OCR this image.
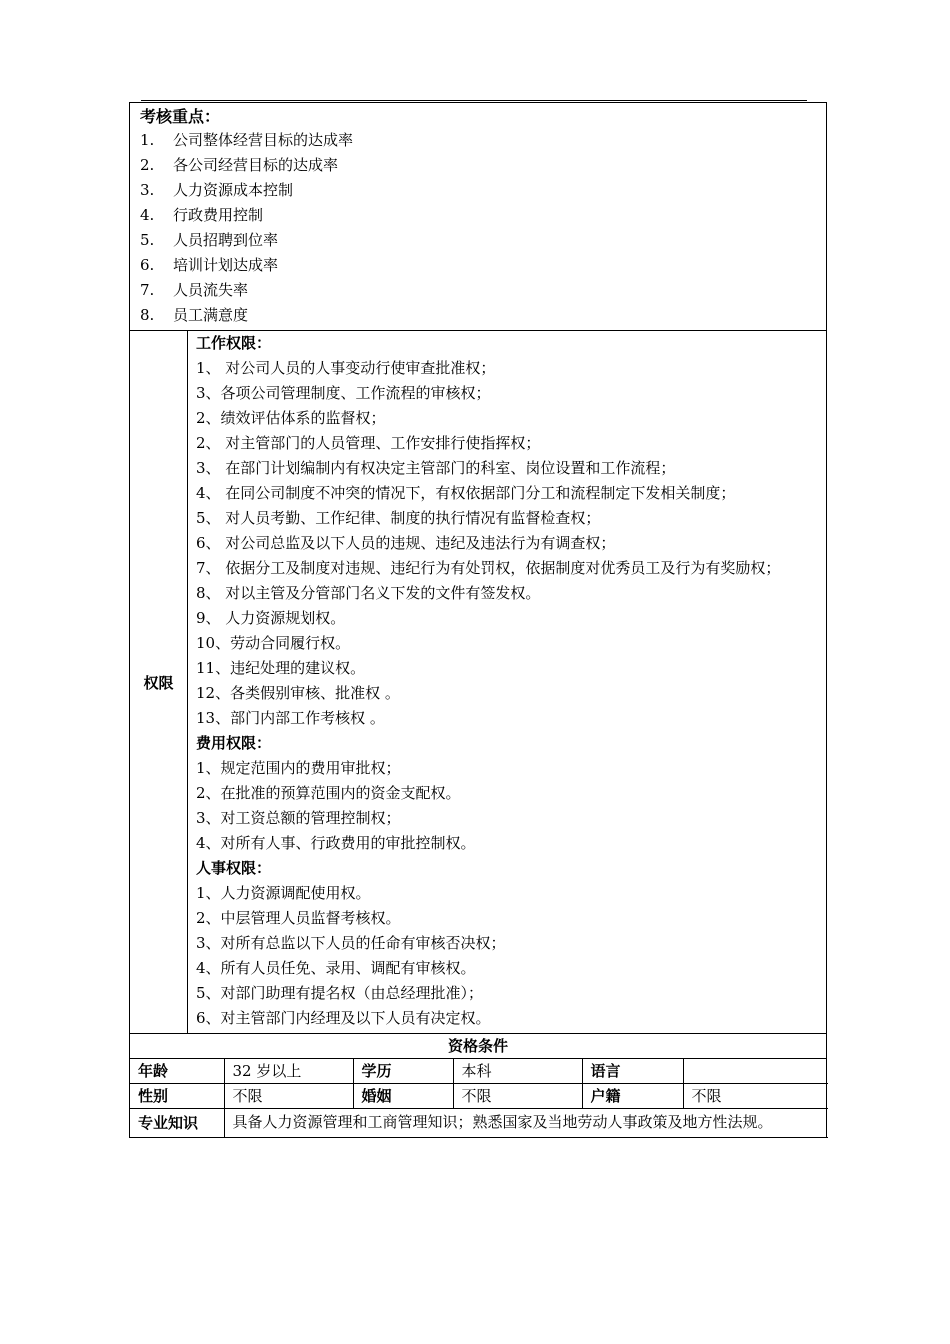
考核重点：
1. 公司整体经营目标的达成率
2. 各公司经营目标的达成率
3. 人力资源成本控制
4. 行政费用控制
5. 人员招聘到位率
6. 培训计划达成率
7. 人员流失率
8. 员工满意度
权限
工作权限：
1、 对公司人员的人事变动行使审查批准权；
3、各项公司管理制度、工作流程的审核权；
2、绩效评估体系的监督权；
2、 对主管部门的人员管理、工作安排行使指挥权；
3、 在部门计划编制内有权决定主管部门的科室、岗位设置和工作流程；
4、 在同公司制度不冲突的情况下，有权依据部门分工和流程制定下发相关制度；
5、 对人员考勤、工作纪律、制度的执行情况有监督检查权；
6、 对公司总监及以下人员的违规、违纪及违法行为有调查权；
7、 依据分工及制度对违规、违纪行为有处罚权，依据制度对优秀员工及行为有奖励权；
8、 对以主管及分管部门名义下发的文件有签发权。
9、 人力资源规划权。
10、劳动合同履行权。
11、违纪处理的建议权。
12、各类假别审核、批准权 。
13、部门内部工作考核权 。
费用权限：
1、规定范围内的费用审批权；
2、在批准的预算范围内的资金支配权。
3、对工资总额的管理控制权；
4、对所有人事、行政费用的审批控制权。
人事权限：
1、人力资源调配使用权。
2、中层管理人员监督考核权。
3、对所有总监以下人员的任命有审核否决权；
4、所有人员任免、录用、调配有审核权。
5、对部门助理有提名权（由总经理批准）；
6、对主管部门内经理及以下人员有决定权。
资格条件
年龄	32 岁以上	学历	本科	语言	
性别	不限	婚姻	不限	户籍	不限
专业知识	具备人力资源管理和工商管理知识；熟悉国家及当地劳动人事政策及地方性法规。				
